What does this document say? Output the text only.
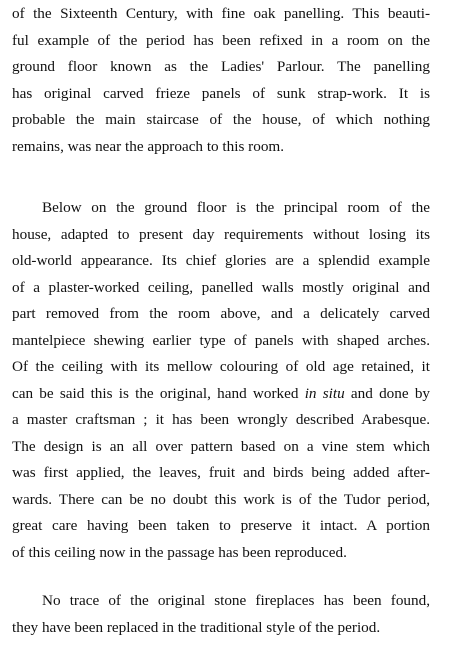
of the Sixteenth Century, with fine oak panelling. This beauti-
ful example of the period has been refixed in a room on the
ground floor known as the Ladies' Parlour. The panelling
has original carved frieze panels of sunk strap-work. It is
probable the main staircase of the house, of which nothing
remains, was near the approach to this room.
Below on the ground floor is the principal room of the
house, adapted to present day requirements without losing its
old-world appearance. Its chief glories are a splendid example
of a plaster-worked ceiling, panelled walls mostly original and
part removed from the room above, and a delicately carved
mantelpiece shewing earlier type of panels with shaped arches.
Of the ceiling with its mellow colouring of old age retained, it
can be said this is the original, hand worked in situ and done by
a master craftsman ; it has been wrongly described Arabesque.
The design is an all over pattern based on a vine stem which
was first applied, the leaves, fruit and birds being added after-
wards. There can be no doubt this work is of the Tudor period,
great care having been taken to preserve it intact. A portion
of this ceiling now in the passage has been reproduced.
No trace of the original stone fireplaces has been found,
they have been replaced in the traditional style of the period.
